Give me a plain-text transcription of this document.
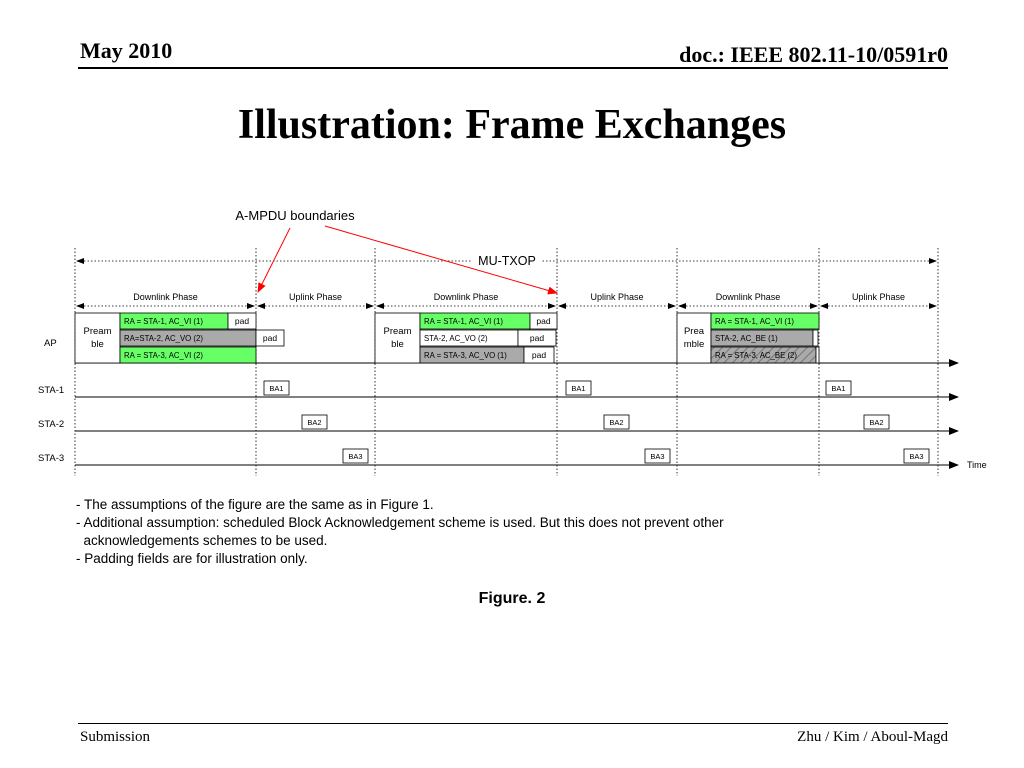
May 2010	doc.: IEEE 802.11-10/0591r0
Illustration: Frame Exchanges
MU-TXOP
Downlink Phase	Uplink Phase	Downlink Phase	Uplink Phase	Downlink Phase	Uplink Phase
AP
STA-1
STA-2
STA-3
Time
Pream
ble
Pream
ble
Prea
mble
RA = STA-1, AC_VI (1)	pad
RA=STA-2, AC_VO (2)	pad
RA = STA-3, AC_VI (2)
RA = STA-1, AC_VI (1)	pad
STA-2, AC_VO (2)	pad
RA = STA-3, AC_VO (1)	pad
RA = STA-1, AC_VI (1)
STA-2, AC_BE (1)
RA = STA-3, AC_BE (2)
BA1
BA2
BA3
BA1
BA2
BA3
BA1
BA2
BA3
A-MPDU boundaries
- The assumptions of the figure are the same as in Figure 1.
- Additional assumption: scheduled Block Acknowledgement scheme is used. But this does not prevent other
acknowledgements schemes to be used.
- Padding fields are for illustration only.
Figure. 2
Submission	Zhu / Kim / Aboul-Magd
